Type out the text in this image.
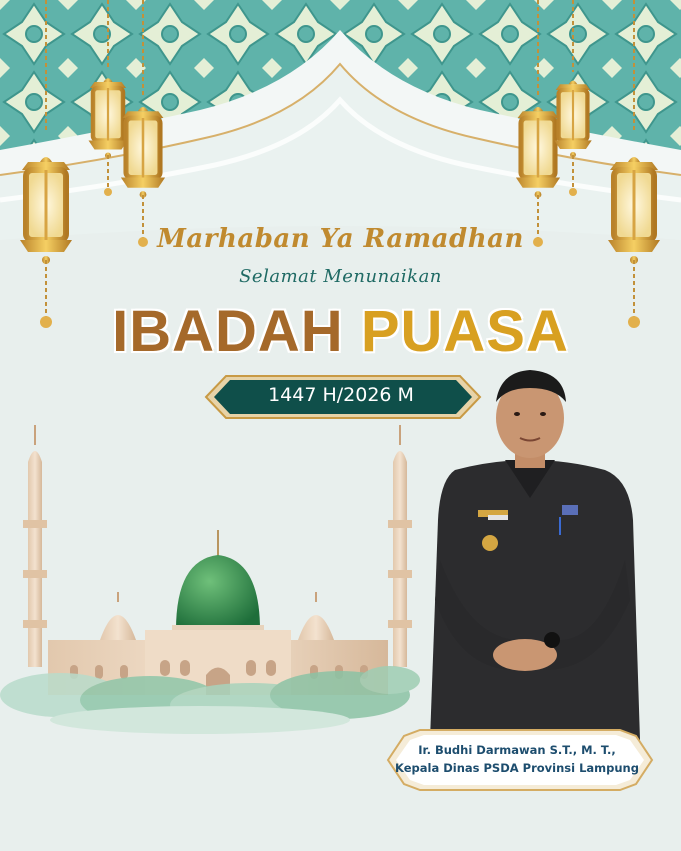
Marhaban Ya Ramadhan
Selamat Menunaikan
IBADAH PUASA
1447 H/2026 M
Ir. Budhi Darmawan S.T., M. T.,
Kepala Dinas PSDA Provinsi Lampung
